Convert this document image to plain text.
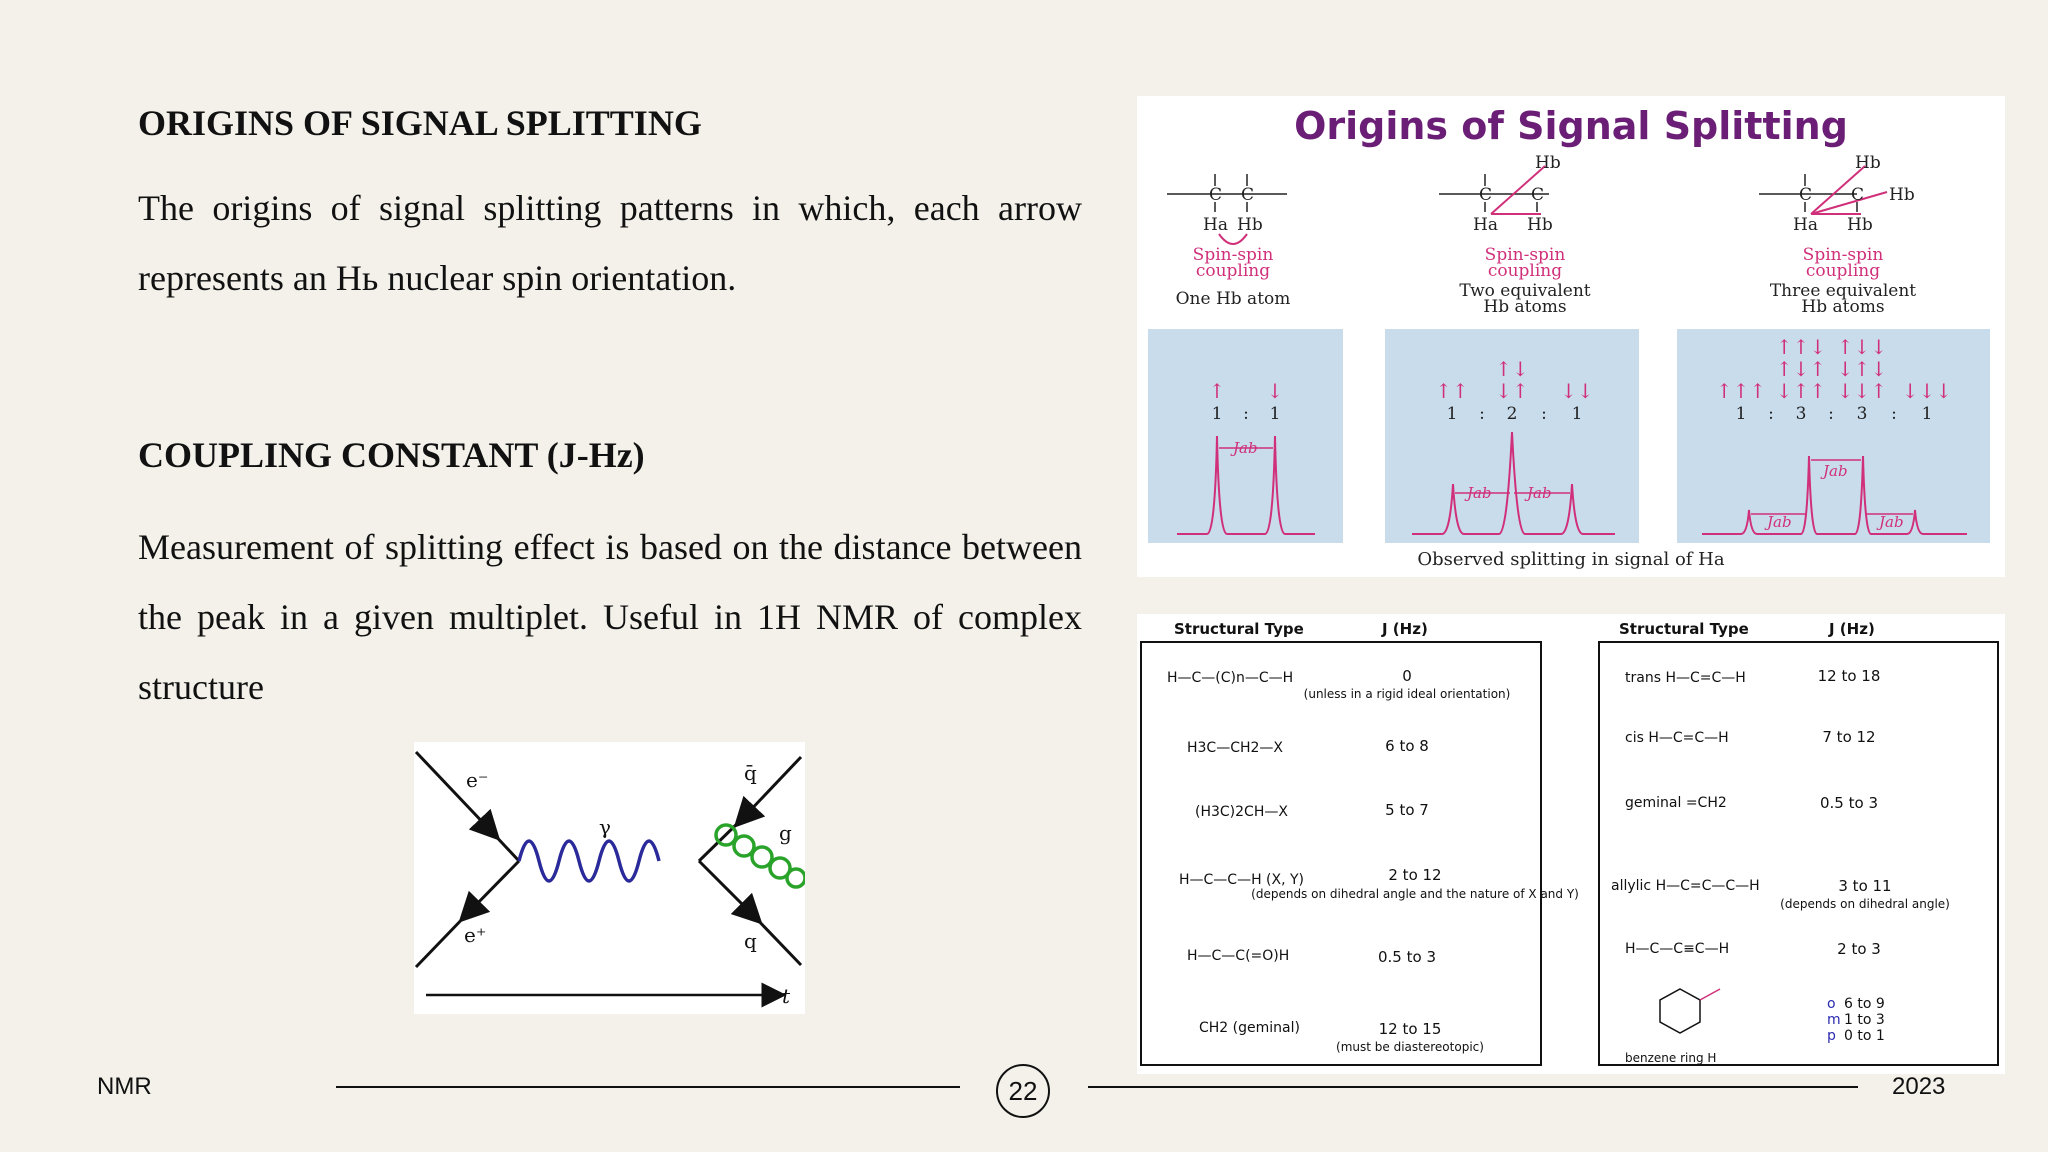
ORIGINS OF SIGNAL SPLITTING
The origins of signal splitting patterns in which, each arrow represents an Hь nuclear spin orientation.
COUPLING CONSTANT (J-Hz)
Measurement of splitting effect is based on the distance between the peak in a given multiplet. Useful in 1H NMR of complex structure
e⁻
e⁺
γ
q̄
g
q
t
Origins of Signal Splitting
C C
Ha Hb
Spin-spin
coupling
One Hb atom
C C
Hb
Ha Hb
Spin-spin
coupling
Two equivalent
Hb atoms
C C
Hb
Hb
Ha Hb
Spin-spin
coupling
Three equivalent
Hb atoms
↑ ↓
1 : 1
Jab
↑↓
↑↑ ↓↑ ↓↓
1 : 2 : 1
Jab Jab
↑↑↓ ↑↓↓
↑↓↑ ↓↑↓
↑↑↑ ↓↑↑ ↓↓↑ ↓↓↓
1 : 3 : 3 : 1
Jab
Jab
Jab
Observed splitting in signal of Ha
Structural Type	J (Hz)
H—C—(C)n—C—H	0
(unless in a rigid ideal orientation)
H3C—CH2—X	6 to 8
(H3C)2CH—X	5 to 7
H—C—C—H (X, Y)	2 to 12
(depends on dihedral angle and the nature of X and Y)
H—C—C(=O)H	0.5 to 3
CH2 (geminal)	12 to 15
(must be diastereotopic)
Structural Type	J (Hz)
trans H—C=C—H	12 to 18
cis H—C=C—H	7 to 12
geminal =CH2	0.5 to 3
allylic H—C=C—C—H	3 to 11
(depends on dihedral angle)
H—C—C≡C—H	2 to 3
benzene ring H
o 6 to 9
m 1 to 3
p 0 to 1
NMR	22	2023
